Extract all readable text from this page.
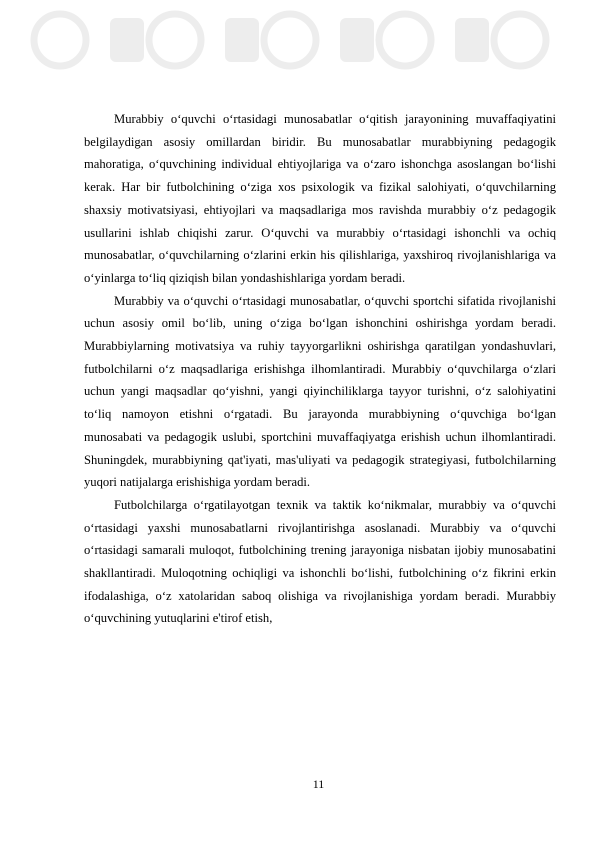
Murabbiy o‘quvchi o‘rtasidagi munosabatlar o‘qitish jarayonining muvaffaqiyatini belgilaydigan asosiy omillardan biridir. Bu munosabatlar murabbiyning pedagogik mahoratiga, o‘quvchining individual ehtiyojlariga va o‘zaro ishonchga asoslangan bo‘lishi kerak. Har bir futbolchining o‘ziga xos psixologik va fizikal salohiyati, o‘quvchilarning shaxsiy motivatsiyasi, ehtiyojlari va maqsadlariga mos ravishda murabbiy o‘z pedagogik usullarini ishlab chiqishi zarur. O‘quvchi va murabbiy o‘rtasidagi ishonchli va ochiq munosabatlar, o‘quvchilarning o‘zlarini erkin his qilishlariga, yaxshiroq rivojlanishlariga va o‘yinlarga to‘liq qiziqish bilan yondashishlariga yordam beradi.

Murabbiy va o‘quvchi o‘rtasidagi munosabatlar, o‘quvchi sportchi sifatida rivojlanishi uchun asosiy omil bo‘lib, uning o‘ziga bo‘lgan ishonchini oshirishga yordam beradi. Murabbiylarning motivatsiya va ruhiy tayyorgarlikni oshirishga qaratilgan yondashuvlari, futbolchilarni o‘z maqsadlariga erishishga ilhomlantiradi. Murabbiy o‘quvchilarga o‘zlari uchun yangi maqsadlar qo‘yishni, yangi qiyinchiliklarga tayyor turishni, o‘z salohiyatini to‘liq namoyon etishni o‘rgatadi. Bu jarayonda murabbiyning o‘quvchiga bo‘lgan munosabati va pedagogik uslubi, sportchini muvaffaqiyatga erishish uchun ilhomlantiradi. Shuningdek, murabbiyning qat'iyati, mas'uliyati va pedagogik strategiyasi, futbolchilarning yuqori natijalarga erishishiga yordam beradi.

Futbolchilarga o‘rgatilayotgan texnik va taktik ko‘nikmalar, murabbiy va o‘quvchi o‘rtasidagi yaxshi munosabatlarni rivojlantirishga asoslanadi. Murabbiy va o‘quvchi o‘rtasidagi samarali muloqot, futbolchining trening jarayoniga nisbatan ijobiy munosabatini shakllantiradi. Muloqotning ochiqligi va ishonchli bo‘lishi, futbolchining o‘z fikrini erkin ifodalashiga, o‘z xatolaridan saboq olishiga va rivojlanishiga yordam beradi. Murabbiy o‘quvchining yutuqlarini e'tirof etish,

11
